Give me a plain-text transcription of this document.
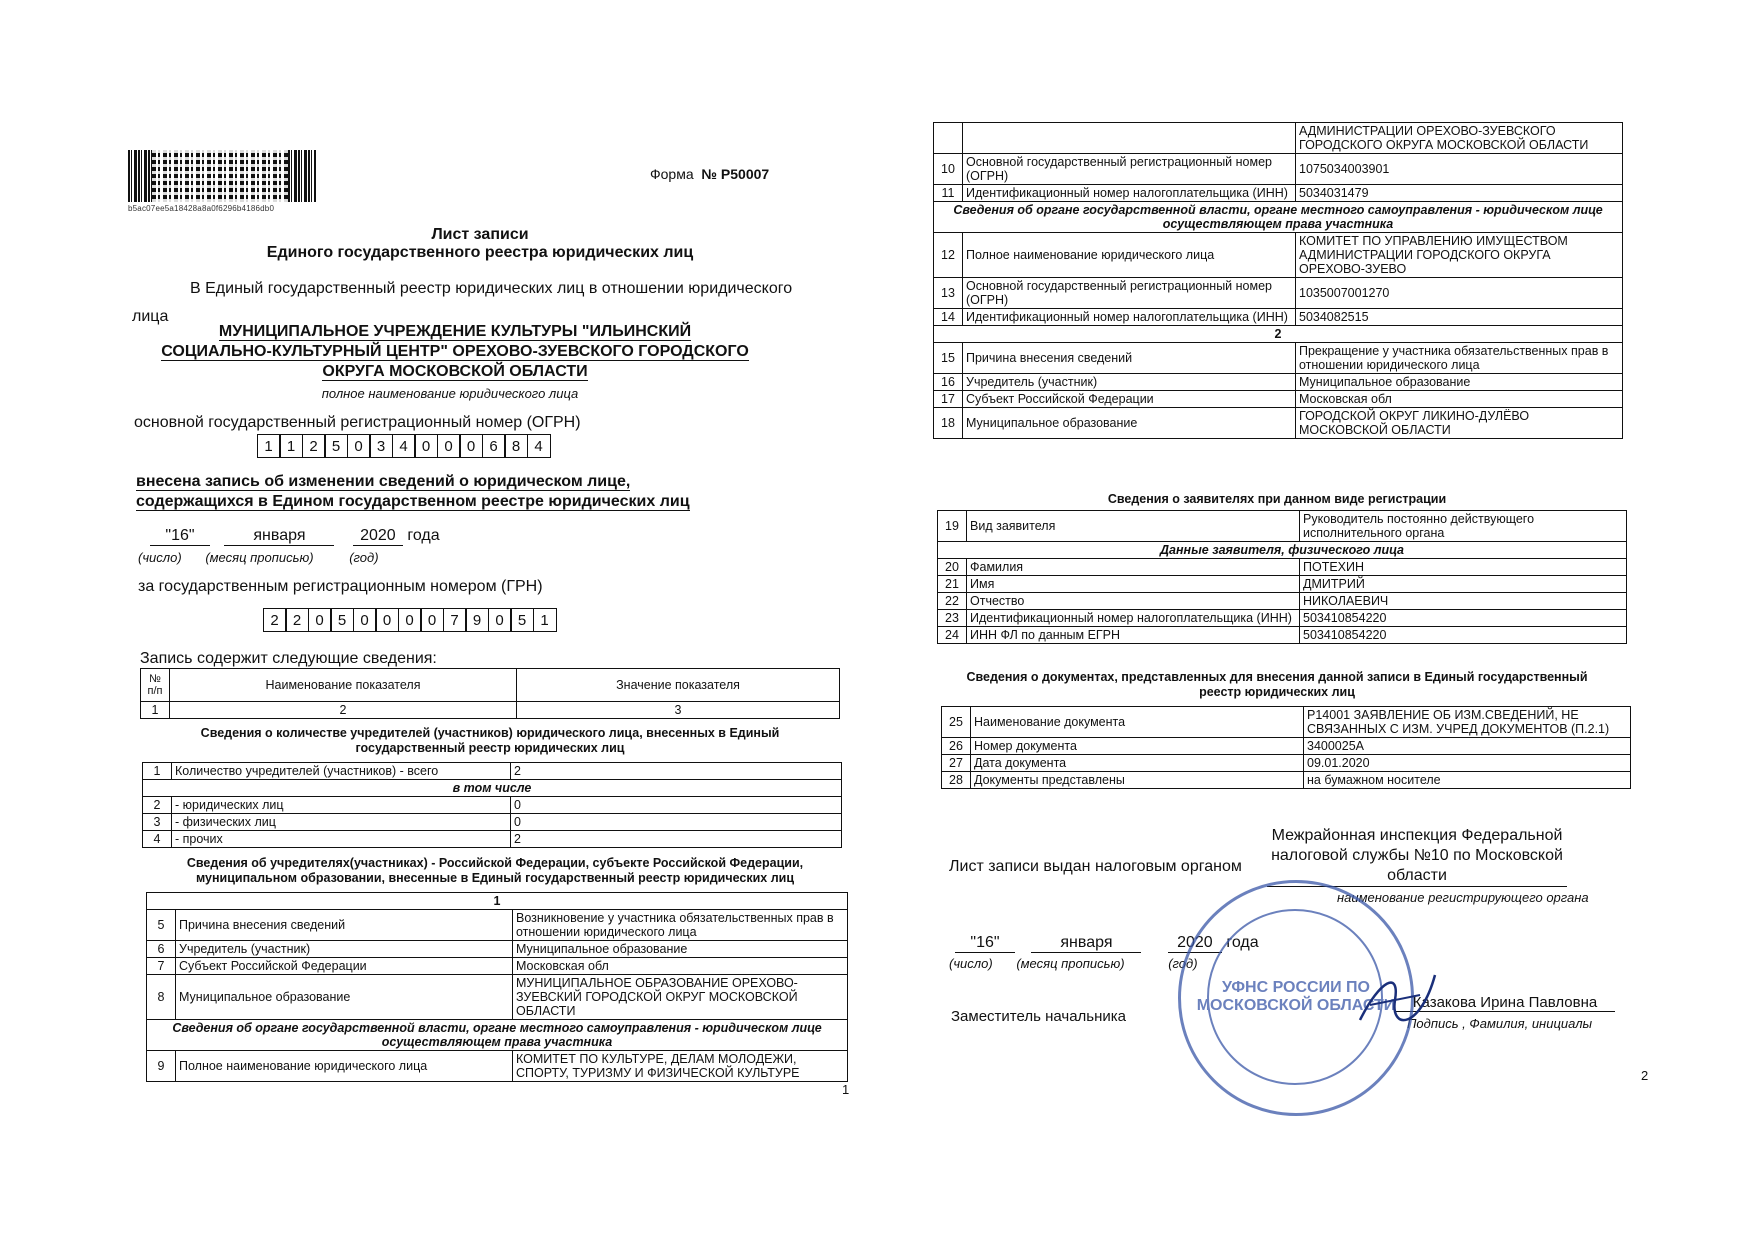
b5ac07ee5a18428a8a0f6296b4186db0
Форма № Р50007
Лист записи
Единого государственного реестра юридических лиц
В Единый государственный реестр юридических лиц в отношении юридического
лица
МУНИЦИПАЛЬНОЕ УЧРЕЖДЕНИЕ КУЛЬТУРЫ "ИЛЬИНСКИЙ
СОЦИАЛЬНО-КУЛЬТУРНЫЙ ЦЕНТР" ОРЕХОВО-ЗУЕВСКОГО ГОРОДСКОГО
ОКРУГА МОСКОВСКОЙ ОБЛАСТИ
полное наименование юридического лица
основной государственный регистрационный номер (ОГРН)
1 1 2 5 0 3 4 0 0 0 6 8 4
внесена запись об изменении сведений о юридическом лице,
содержащихся в Едином государственном реестре юридических лиц
"16"	января	2020 года
(число) (месяц прописью)	(год)
за государственным регистрационным номером (ГРН)
2 2 0 5 0 0 0 0 7 9 0 5 1
Запись содержит следующие сведения:
№ п/п	Наименование показателя	Значение показателя
1	2	3
Сведения о количестве учредителей (участников) юридического лица, внесенных в Единый государственный реестр юридических лиц
1	Количество учредителей (участников) - всего	2
в том числе		
2	- юридических лиц	0
3	- физических лиц	0
4	- прочих	2
Сведения об учредителях(участниках) - Российской Федерации, субъекте Российской Федерации, муниципальном образовании, внесенные в Единый государственный реестр юридических лиц
1		
5	Причина внесения сведений	Возникновение у участника обязательственных прав в отношении юридического лица
6	Учредитель (участник)	Муниципальное образование
7	Субъект Российской Федерации	Московская обл
8	Муниципальное образование	МУНИЦИПАЛЬНОЕ ОБРАЗОВАНИЕ ОРЕХОВО-ЗУЕВСКИЙ ГОРОДСКОЙ ОКРУГ МОСКОВСКОЙ ОБЛАСТИ
Сведения об органе государственной власти, органе местного самоуправления - юридическом лице осуществляющем права участника		
9	Полное наименование юридического лица	КОМИТЕТ ПО КУЛЬТУРЕ, ДЕЛАМ МОЛОДЕЖИ, СПОРТУ, ТУРИЗМУ И ФИЗИЧЕСКОЙ КУЛЬТУРЕ
1
		АДМИНИСТРАЦИИ ОРЕХОВО-ЗУЕВСКОГО ГОРОДСКОГО ОКРУГА МОСКОВСКОЙ ОБЛАСТИ
10	Основной государственный регистрационный номер (ОГРН)	1075034003901
11	Идентификационный номер налогоплательщика (ИНН)	5034031479
Сведения об органе государственной власти, органе местного самоуправления - юридическом лице осуществляющем права участника		
12	Полное наименование юридического лица	КОМИТЕТ ПО УПРАВЛЕНИЮ ИМУЩЕСТВОМ АДМИНИСТРАЦИИ ГОРОДСКОГО ОКРУГА ОРЕХОВО-ЗУЕВО
13	Основной государственный регистрационный номер (ОГРН)	1035007001270
14	Идентификационный номер налогоплательщика (ИНН)	5034082515
2		
15	Причина внесения сведений	Прекращение у участника обязательственных прав в отношении юридического лица
16	Учредитель (участник)	Муниципальное образование
17	Субъект Российской Федерации	Московская обл
18	Муниципальное образование	ГОРОДСКОЙ ОКРУГ ЛИКИНО-ДУЛЁВО МОСКОВСКОЙ ОБЛАСТИ
Сведения о заявителях при данном виде регистрации
19	Вид заявителя	Руководитель постоянно действующего исполнительного органа
Данные заявителя, физического лица		
20	Фамилия	ПОТЕХИН
21	Имя	ДМИТРИЙ
22	Отчество	НИКОЛАЕВИЧ
23	Идентификационный номер налогоплательщика (ИНН)	503410854220
24	ИНН ФЛ по данным ЕГРН	503410854220
Сведения о документах, представленных для внесения данной записи в Единый государственный реестр юридических лиц
25	Наименование документа	Р14001 ЗАЯВЛЕНИЕ ОБ ИЗМ.СВЕДЕНИЙ, НЕ СВЯЗАННЫХ С ИЗМ. УЧРЕД ДОКУМЕНТОВ (П.2.1)
26	Номер документа	3400025А
27	Дата документа	09.01.2020
28	Документы представлены	на бумажном носителе
Лист записи выдан налоговым органом
Межрайонная инспекция Федеральной
налоговой службы №10 по Московской
области
наименование регистрирующего органа
"16"	января	2020 года
(число) (месяц прописью)	(год)
Заместитель начальника
Казакова Ирина Павловна
Подпись , Фамилия, инициалы
2
УФНС РОССИИ ПО МОСКОВСКОЙ ОБЛАСТИ
